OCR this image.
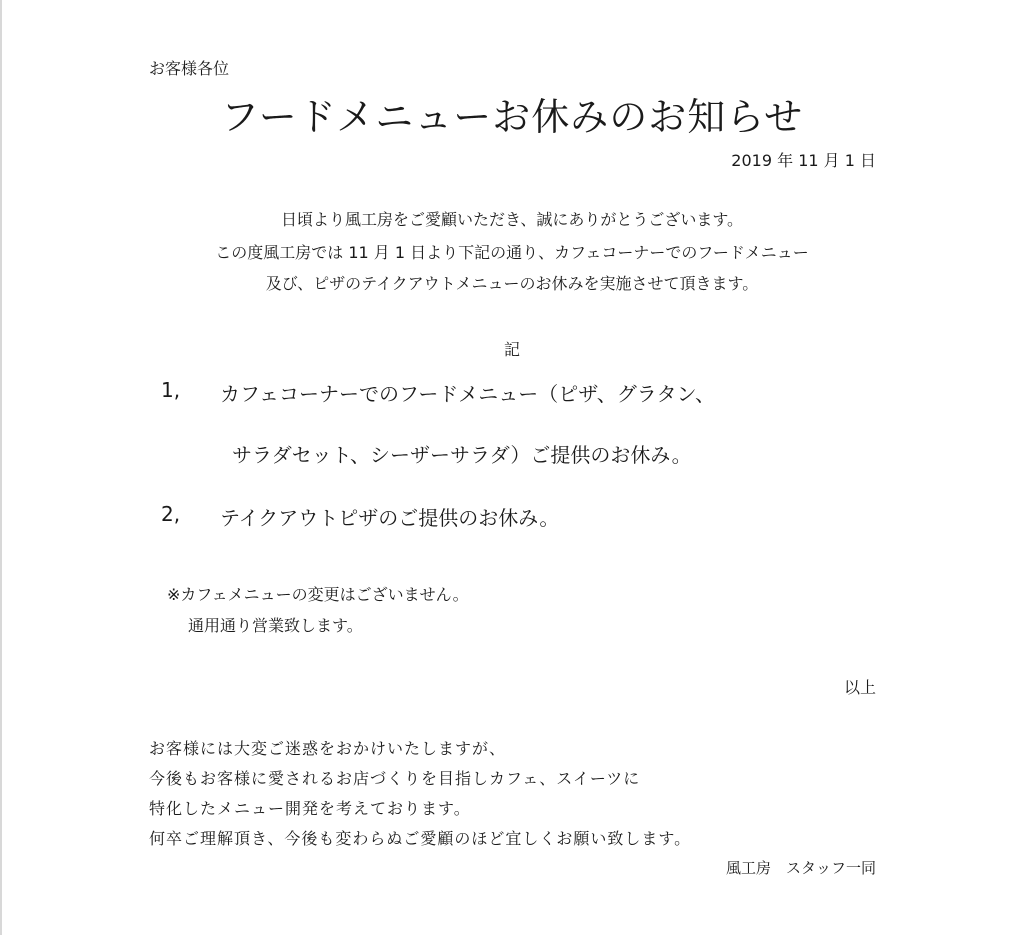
お客様各位
フードメニューお休みのお知らせ
2019 年 11 月 1 日
日頃より風工房をご愛顧いただき、誠にありがとうございます。
この度風工房では 11 月 1 日より下記の通り、カフェコーナーでのフードメニュー
及び、ピザのテイクアウトメニューのお休みを実施させて頂きます。
記
1, カフェコーナーでのフードメニュー（ピザ、グラタン、
サラダセット、シーザーサラダ）ご提供のお休み。
2, テイクアウトピザのご提供のお休み。
※カフェメニューの変更はございません。
通用通り営業致します。
以上
お客様には大変ご迷惑をおかけいたしますが、
今後もお客様に愛されるお店づくりを目指しカフェ、スイーツに
特化したメニュー開発を考えております。
何卒ご理解頂き、今後も変わらぬご愛顧のほど宜しくお願い致します。
風工房　スタッフ一同
